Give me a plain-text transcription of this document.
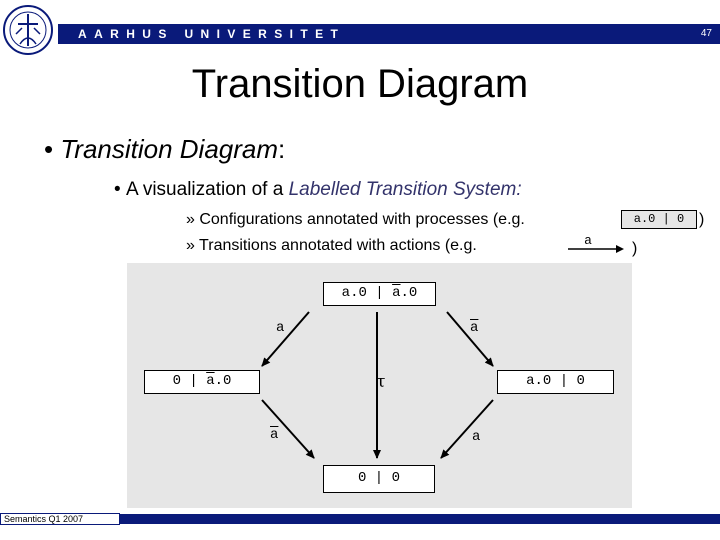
AARHUS UNIVERSITET	47
Transition Diagram
• Transition Diagram:
• A visualization of a Labelled Transition System:
» Configurations annotated with processes (e.g.	a.0 | 0 )
» Transitions annotated with actions (e.g.	a	)
a.0 | $\overline{a}.0$
0 | $\overline{a}.0$	a.0 | 0
0 | 0
a	$\overline{a}$
τ
$\overline{a}$	a
Semantics Q1 2007
